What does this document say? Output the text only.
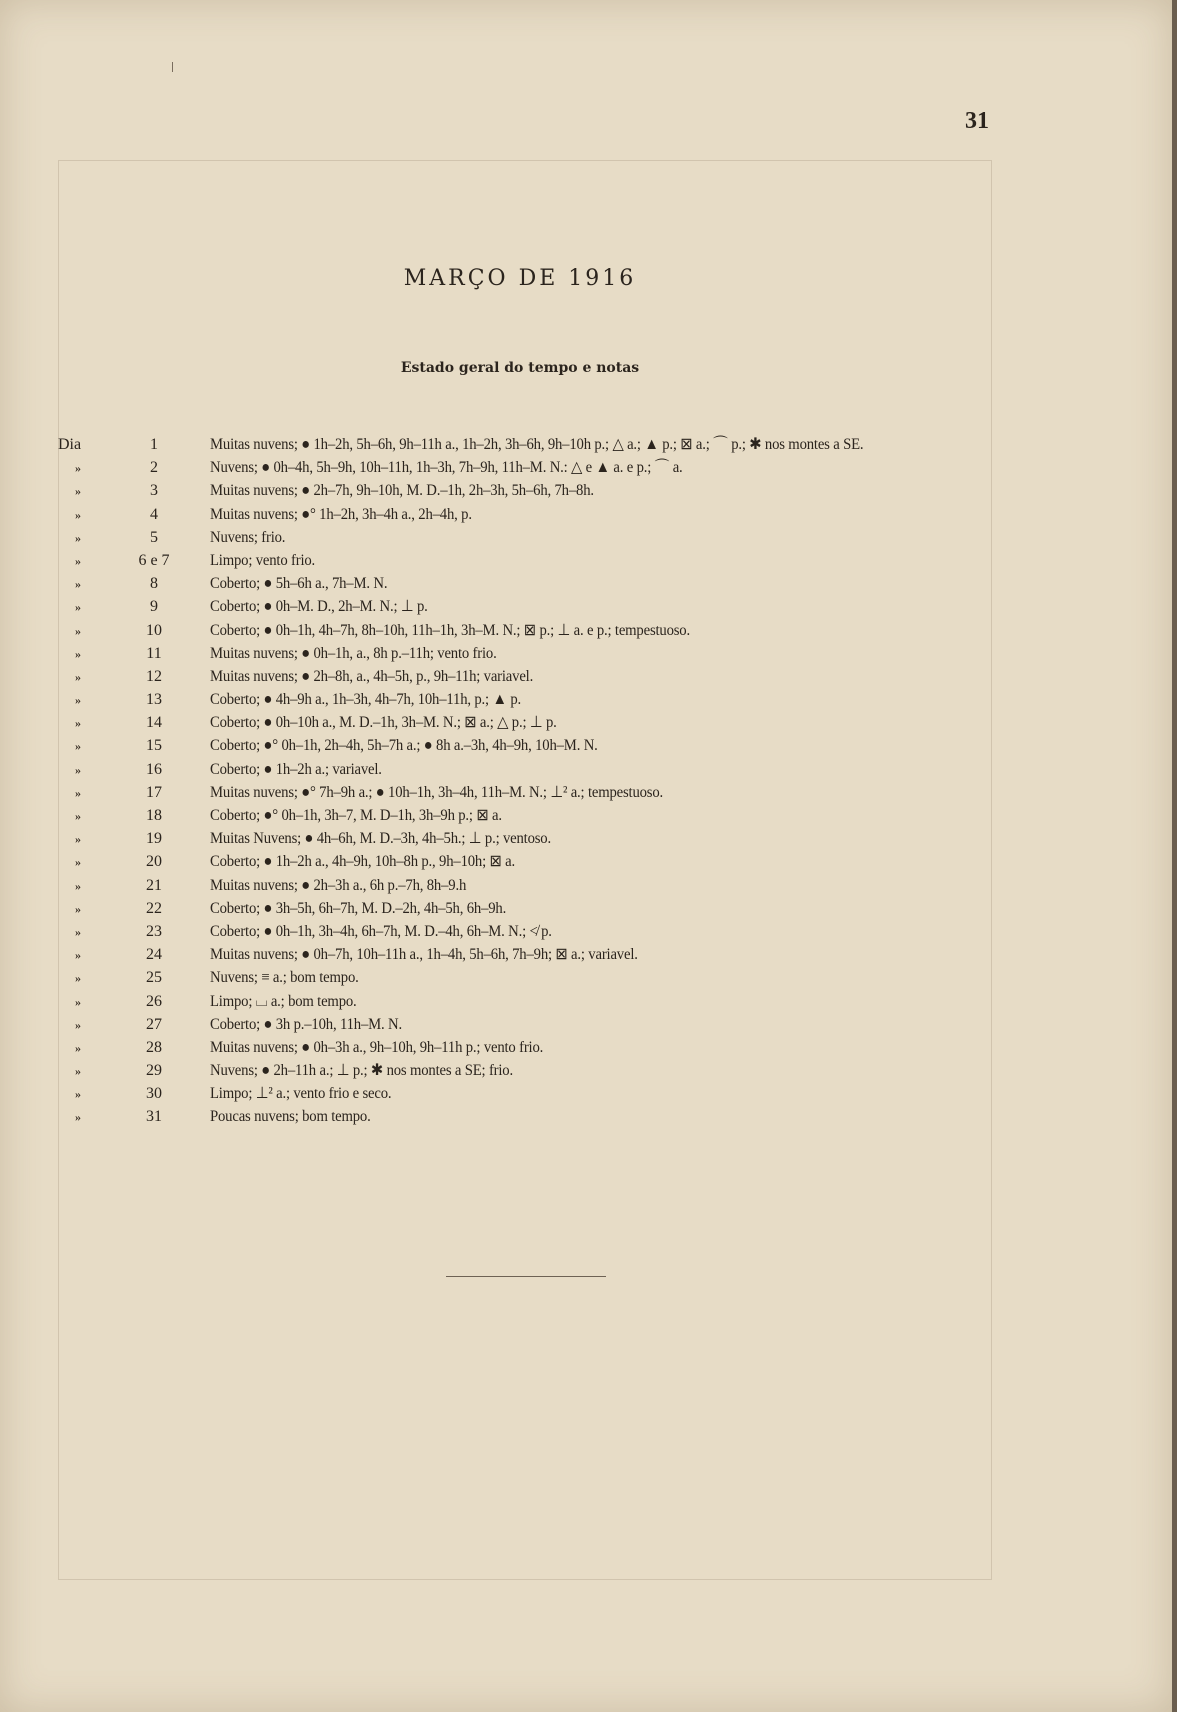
31
MARÇO DE 1916
Estado geral do tempo e notas
Dia	1	Muitas nuvens; ● 1h–2h, 5h–6h, 9h–11h a., 1h–2h, 3h–6h, 9h–10h p.; △ a.; ▲ p.; ⊠ a.; ⌒ p.; ✱ nos montes a SE.
»	2	Nuvens; ● 0h–4h, 5h–9h, 10h–11h, 1h–3h, 7h–9h, 11h–M. N.: △ e ▲ a. e p.; ⌒ a.
»	3	Muitas nuvens; ● 2h–7h, 9h–10h, M. D.–1h, 2h–3h, 5h–6h, 7h–8h.
»	4	Muitas nuvens; ●° 1h–2h, 3h–4h a., 2h–4h, p.
»	5	Nuvens; frio.
»	6 e 7	Limpo; vento frio.
»	8	Coberto; ● 5h–6h a., 7h–M. N.
»	9	Coberto; ● 0h–M. D., 2h–M. N.; ⊥ p.
»	10	Coberto; ● 0h–1h, 4h–7h, 8h–10h, 11h–1h, 3h–M. N.; ⊠ p.; ⊥ a. e p.; tempestuoso.
»	11	Muitas nuvens; ● 0h–1h, a., 8h p.–11h; vento frio.
»	12	Muitas nuvens; ● 2h–8h, a., 4h–5h, p., 9h–11h; variavel.
»	13	Coberto; ● 4h–9h a., 1h–3h, 4h–7h, 10h–11h, p.; ▲ p.
»	14	Coberto; ● 0h–10h a., M. D.–1h, 3h–M. N.; ⊠ a.; △ p.; ⊥ p.
»	15	Coberto; ●° 0h–1h, 2h–4h, 5h–7h a.; ● 8h a.–3h, 4h–9h, 10h–M. N.
»	16	Coberto; ● 1h–2h a.; variavel.
»	17	Muitas nuvens; ●° 7h–9h a.; ● 10h–1h, 3h–4h, 11h–M. N.; ⊥² a.; tempestuoso.
»	18	Coberto; ●° 0h–1h, 3h–7, M. D–1h, 3h–9h p.; ⊠ a.
»	19	Muitas Nuvens; ● 4h–6h, M. D.–3h, 4h–5h.; ⊥ p.; ventoso.
»	20	Coberto; ● 1h–2h a., 4h–9h, 10h–8h p., 9h–10h; ⊠ a.
»	21	Muitas nuvens; ● 2h–3h a., 6h p.–7h, 8h–9.h
»	22	Coberto; ● 3h–5h, 6h–7h, M. D.–2h, 4h–5h, 6h–9h.
»	23	Coberto; ● 0h–1h, 3h–4h, 6h–7h, M. D.–4h, 6h–M. N.; ≮ p.
»	24	Muitas nuvens; ● 0h–7h, 10h–11h a., 1h–4h, 5h–6h, 7h–9h; ⊠ a.; variavel.
»	25	Nuvens; ≡ a.; bom tempo.
»	26	Limpo; ⌴ a.; bom tempo.
»	27	Coberto; ● 3h p.–10h, 11h–M. N.
»	28	Muitas nuvens; ● 0h–3h a., 9h–10h, 9h–11h p.; vento frio.
»	29	Nuvens; ● 2h–11h a.; ⊥ p.; ✱ nos montes a SE; frio.
»	30	Limpo; ⊥² a.; vento frio e seco.
»	31	Poucas nuvens; bom tempo.
